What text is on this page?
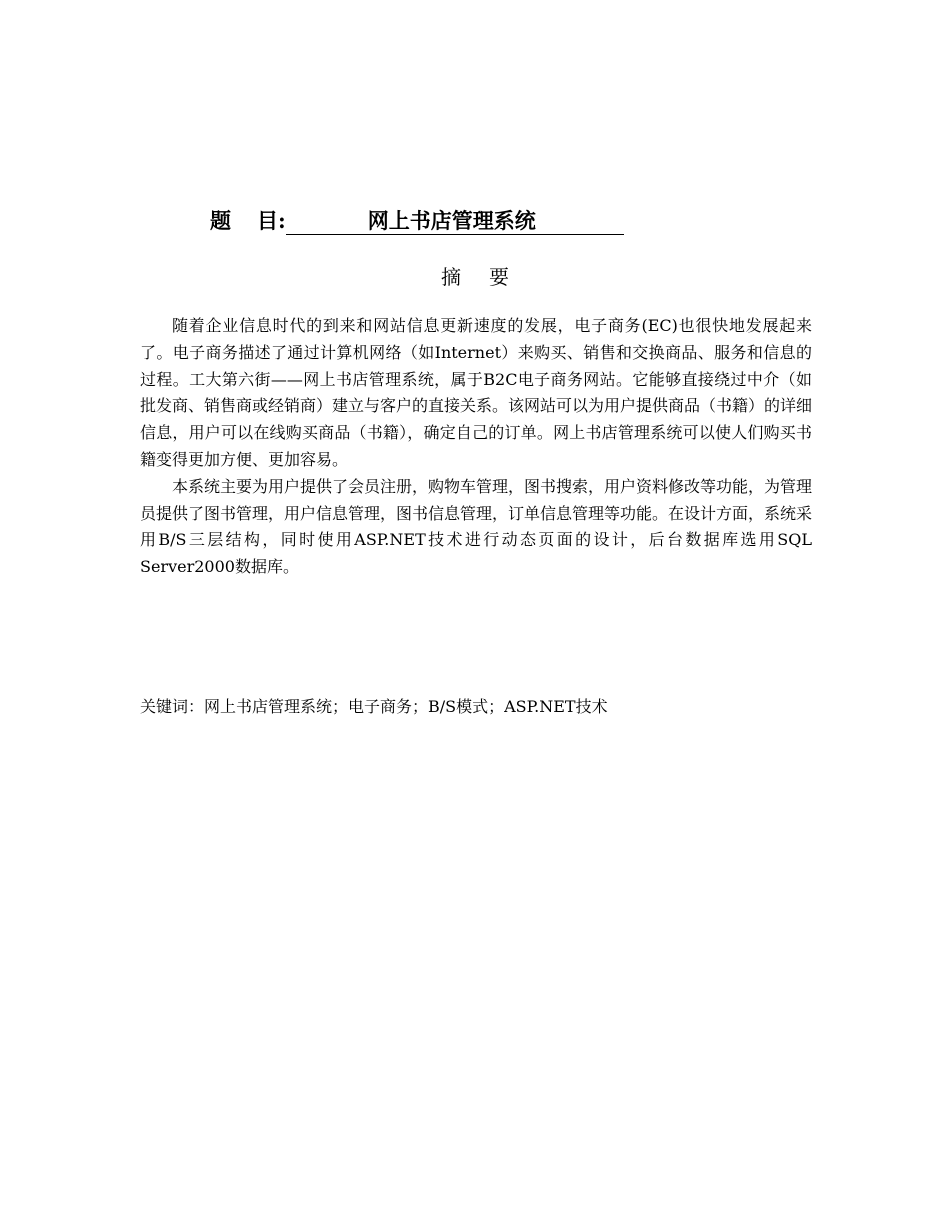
题 目:	网上书店管理系统
摘 要

随着企业信息时代的到来和网站信息更新速度的发展，电子商务(EC)也很快地发展起来了。电子商务描述了通过计算机网络（如Internet）来购买、销售和交换商品、服务和信息的过程。工大第六街——网上书店管理系统，属于B2C电子商务网站。它能够直接绕过中介（如批发商、销售商或经销商）建立与客户的直接关系。该网站可以为用户提供商品（书籍）的详细信息，用户可以在线购买商品（书籍），确定自己的订单。网上书店管理系统可以使人们购买书籍变得更加方便、更加容易。

本系统主要为用户提供了会员注册，购物车管理，图书搜索，用户资料修改等功能，为管理员提供了图书管理，用户信息管理，图书信息管理，订单信息管理等功能。在设计方面，系统采用B/S三层结构，同时使用ASP.NET技术进行动态页面的设计，后台数据库选用SQL Server2000数据库。

关键词：网上书店管理系统；电子商务；B/S模式；ASP.NET技术
